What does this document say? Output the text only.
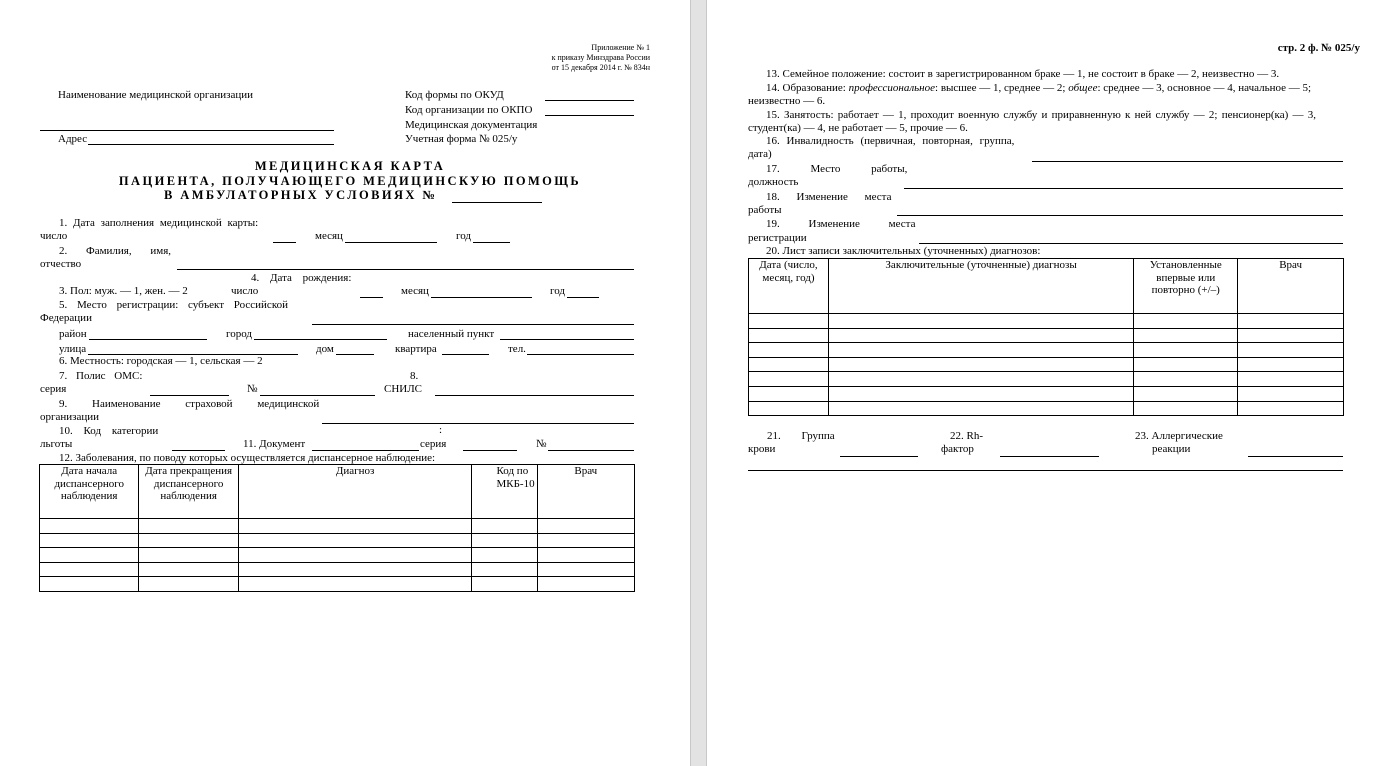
Приложение № 1
к приказу Минздрава России
от 15 декабря 2014 г. № 834н
Наименование медицинской организации
Адрес
Код формы по ОКУД
Код организации по ОКПО
Медицинская документация
Учетная форма № 025/у
МЕДИЦИНСКАЯ КАРТА
ПАЦИЕНТА, ПОЛУЧАЮЩЕГО МЕДИЦИНСКУЮ ПОМОЩЬ
В АМБУЛАТОРНЫХ УСЛОВИЯХ №
1. Дата заполнения медицинской карты:
число	месяц	год
2. Фамилия, имя,
отчество
4. Дата рождения:
3. Пол: муж. — 1, жен. — 2	число	месяц	год
5. Место регистрации: субъект Российской
Федерации
район	город	населенный пункт
улица	дом	квартира	тел.
6. Местность: городская — 1, сельская — 2
7. Полис ОМС:
серия	№
8.
СНИЛС
9. Наименование страховой медицинской
организации
10. Код категории	:
льготы	11. Документ	серия	№
12. Заболевания, по поводу которых осуществляется диспансерное наблюдение:
Дата начала диспансерного наблюдения	Дата прекращения диспансерного наблюдения	Диагноз	Код по МКБ-10	Врач

стр. 2 ф. № 025/у
13. Семейное положение: состоит в зарегистрированном браке — 1, не состоит в браке — 2, неизвестно — 3.
14. Образование: профессиональное: высшее — 1, среднее — 2; общее: среднее — 3, основное — 4, начальное — 5;
неизвестно — 6.
15. Занятость: работает — 1, проходит военную службу и приравненную к ней службу — 2; пенсионер(ка) — 3,
студент(ка) — 4, не работает — 5, прочие — 6.
16. Инвалидность (первичная, повторная, группа,
дата)
17. Место работы,
должность
18. Изменение места
работы
19. Изменение места
регистрации
20. Лист записи заключительных (уточненных) диагнозов:
Дата (число, месяц, год)	Заключительные (уточненные) диагнозы	Установленные впервые или повторно (+/–)	Врач

21. Группа
крови
22. Rh-
фактор
23. Аллергические
реакции
